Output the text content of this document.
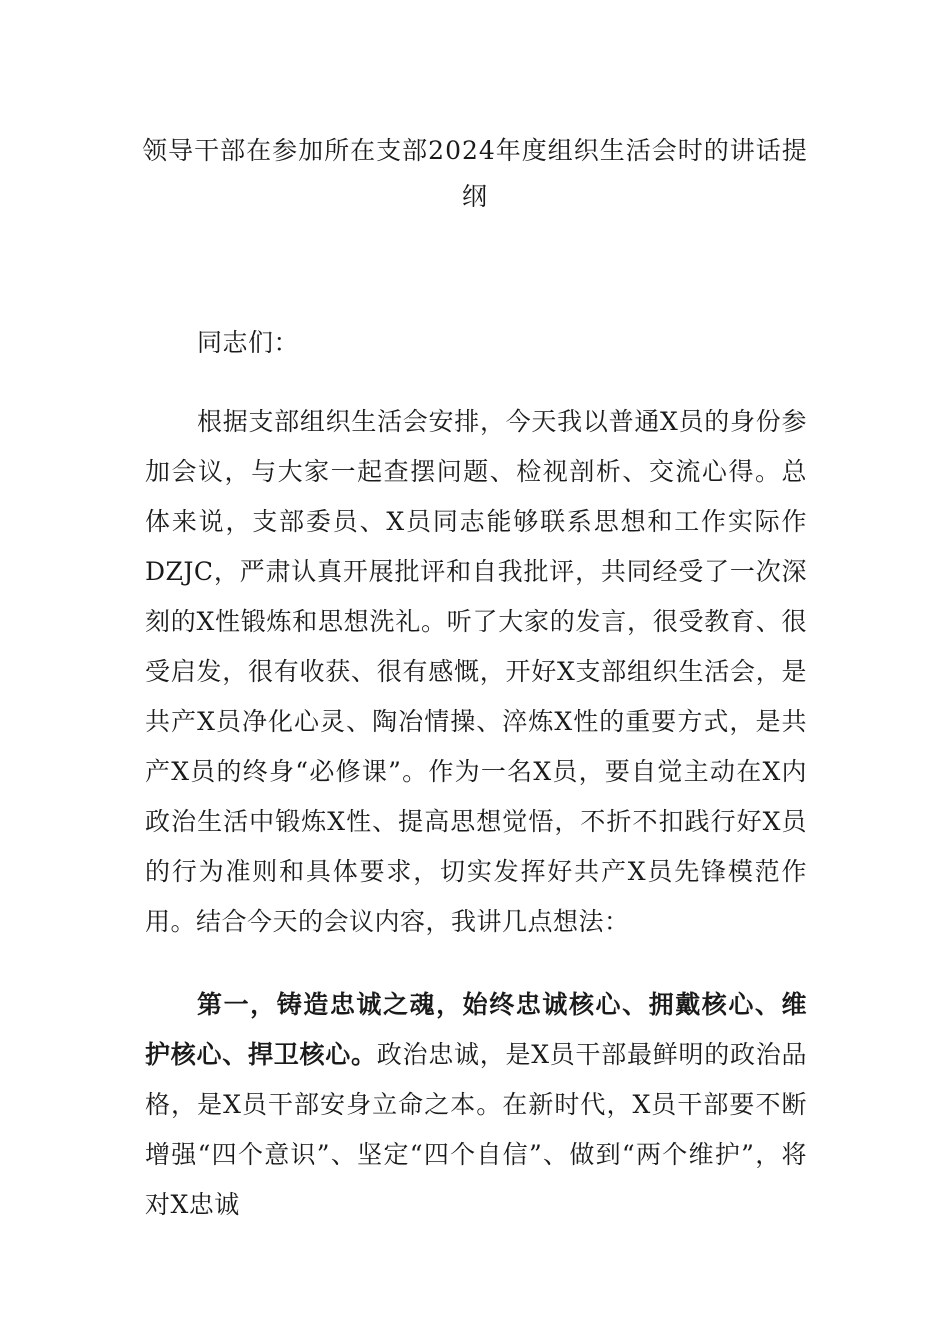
领导干部在参加所在支部2024年度组织生活会时的讲话提纲

同志们：

根据支部组织生活会安排，今天我以普通X员的身份参加会议，与大家一起查摆问题、检视剖析、交流心得。总体来说，支部委员、X员同志能够联系思想和工作实际作DZJC，严肃认真开展批评和自我批评，共同经受了一次深刻的X性锻炼和思想洗礼。听了大家的发言，很受教育、很受启发，很有收获、很有感慨，开好X支部组织生活会，是共产X员净化心灵、陶冶情操、淬炼X性的重要方式，是共产X员的终身“必修课”。作为一名X员，要自觉主动在X内政治生活中锻炼X性、提高思想觉悟，不折不扣践行好X员的行为准则和具体要求，切实发挥好共产X员先锋模范作用。结合今天的会议内容，我讲几点想法：

第一，铸造忠诚之魂，始终忠诚核心、拥戴核心、维护核心、捍卫核心。政治忠诚，是X员干部最鲜明的政治品格，是X员干部安身立命之本。在新时代，X员干部要不断增强“四个意识”、坚定“四个自信”、做到“两个维护”，将对X忠诚
